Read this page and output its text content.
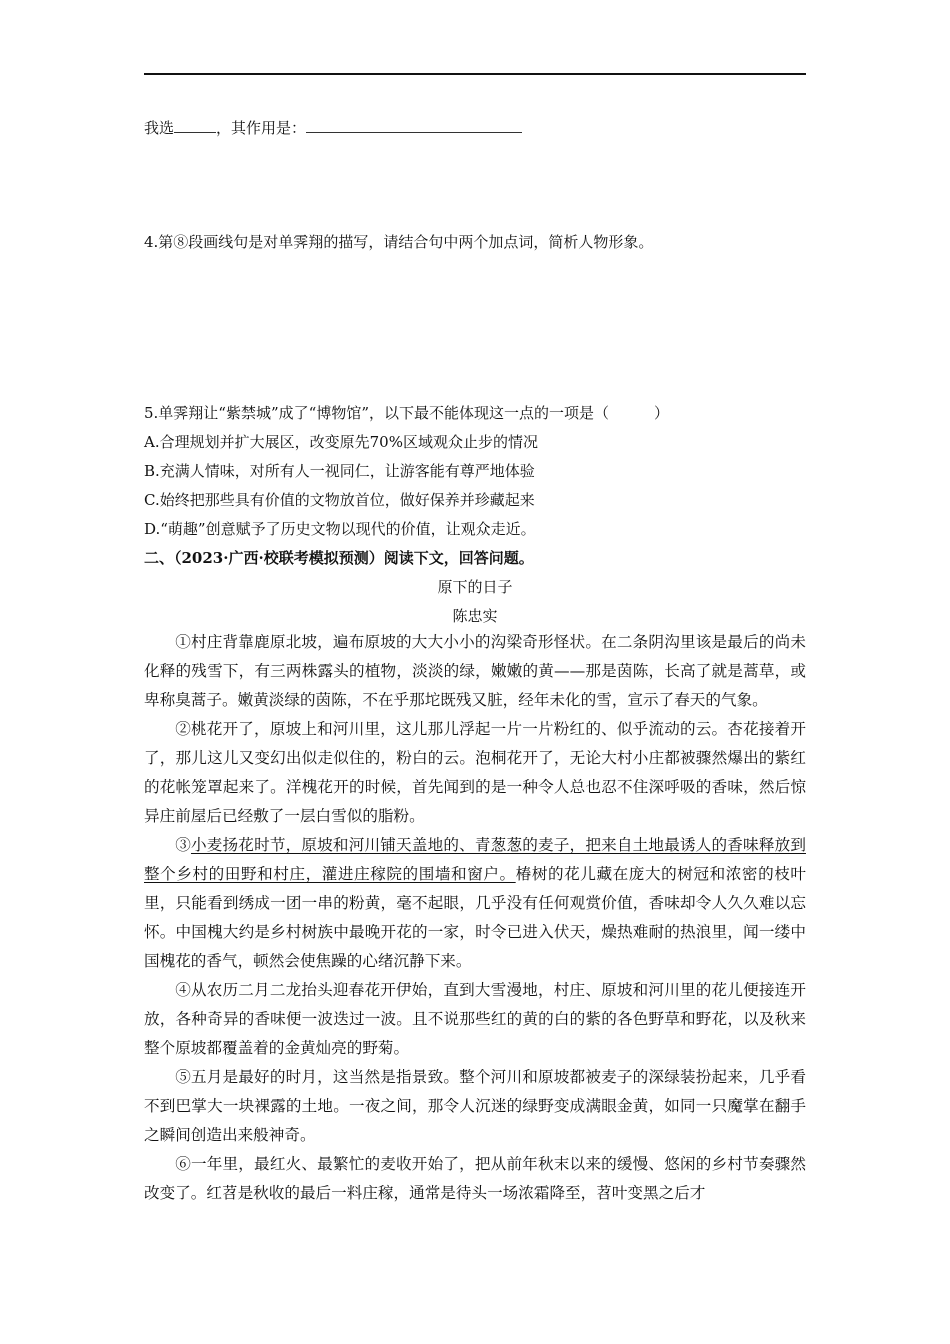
我选	，其作用是：
4.第⑧段画线句是对单霁翔的描写，请结合句中两个加点词，简析人物形象。
5.单霁翔让“紫禁城”成了“博物馆”，以下最不能体现这一点的一项是（　　　）
A.合理规划并扩大展区，改变原先70%区域观众止步的情况
B.充满人情味，对所有人一视同仁，让游客能有尊严地体验
C.始终把那些具有价值的文物放首位，做好保养并珍藏起来
D.“萌趣”创意赋予了历史文物以现代的价值，让观众走近。
二、（2023·广西·校联考模拟预测）阅读下文，回答问题。
原下的日子
陈忠实

①村庄背靠鹿原北坡，遍布原坡的大大小小的沟梁奇形怪状。在二条阴沟里该是最后的尚未化释的残雪下，有三两株露头的植物，淡淡的绿，嫩嫩的黄——那是茵陈，长高了就是蒿草，或卑称臭蒿子。嫩黄淡绿的茵陈，不在乎那坨既残又脏，经年未化的雪，宣示了春天的气象。

②桃花开了，原坡上和河川里，这儿那儿浮起一片一片粉红的、似乎流动的云。杏花接着开了，那儿这儿又变幻出似走似住的，粉白的云。泡桐花开了，无论大村小庄都被骤然爆出的紫红的花帐笼罩起来了。洋槐花开的时候，首先闻到的是一种令人总也忍不住深呼吸的香味，然后惊异庄前屋后已经敷了一层白雪似的脂粉。

③小麦扬花时节，原坡和河川铺天盖地的、青葱葱的麦子，把来自土地最诱人的香味释放到整个乡村的田野和村庄，灌进庄稼院的围墙和窗户。椿树的花儿藏在庞大的树冠和浓密的枝叶里，只能看到绣成一团一串的粉黄，毫不起眼，几乎没有任何观赏价值，香味却令人久久难以忘怀。中国槐大约是乡村树族中最晚开花的一家，时令已进入伏天，燥热难耐的热浪里，闻一缕中国槐花的香气，顿然会使焦躁的心绪沉静下来。

④从农历二月二龙抬头迎春花开伊始，直到大雪漫地，村庄、原坡和河川里的花儿便接连开放，各种奇异的香味便一波迭过一波。且不说那些红的黄的白的紫的各色野草和野花，以及秋来整个原坡都覆盖着的金黄灿亮的野菊。

⑤五月是最好的时月，这当然是指景致。整个河川和原坡都被麦子的深绿装扮起来，几乎看不到巴掌大一块裸露的土地。一夜之间，那令人沉迷的绿野变成满眼金黄，如同一只魔掌在翻手之瞬间创造出来般神奇。

⑥一年里，最红火、最繁忙的麦收开始了，把从前年秋末以来的缓慢、悠闲的乡村节奏骤然改变了。红苕是秋收的最后一料庄稼，通常是待头一场浓霜降至，苕叶变黑之后才
